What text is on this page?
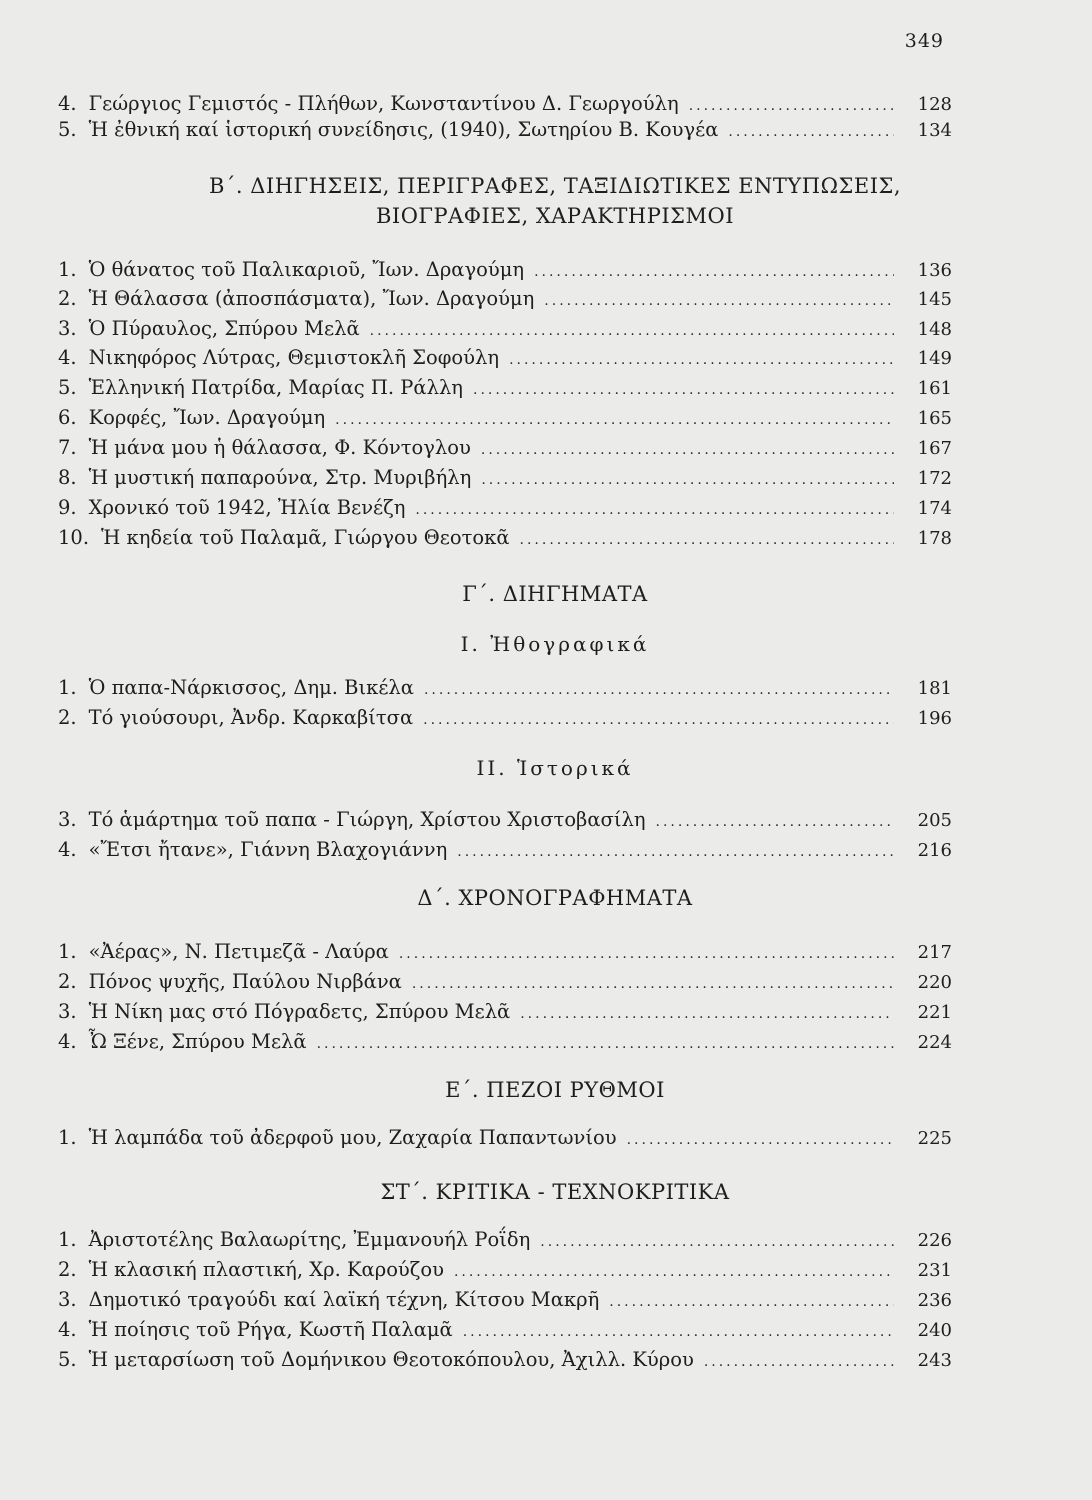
349
4. Γεώργιος Γεμιστός - Πλήθων, Κωνσταντίνου Δ. Γεωργούλη .....	128
5. Ἡ ἐθνική καί ἱστορική συνείδησις, (1940), Σωτηρίου Β. Κουγέα .....	134
Β΄. ΔΙΗΓΗΣΕΙΣ, ΠΕΡΙΓΡΑΦΕΣ, ΤΑΞΙΔΙΩΤΙΚΕΣ ΕΝΤΥΠΩΣΕΙΣ,
ΒΙΟΓΡΑΦΙΕΣ, ΧΑΡΑΚΤΗΡΙΣΜΟΙ
1. Ὁ θάνατος τοῦ Παλικαριοῦ, Ἴων. Δραγούμη .....	136
2. Ἡ Θάλασσα (ἀποσπάσματα), Ἴων. Δραγούμη .....	145
3. Ὁ Πύραυλος, Σπύρου Μελᾶ .....	148
4. Νικηφόρος Λύτρας, Θεμιστοκλῆ Σοφούλη .....	149
5. Ἑλληνική Πατρίδα, Μαρίας Π. Ράλλη .....	161
6. Κορφές, Ἴων. Δραγούμη .....	165
7. Ἡ μάνα μου ἡ θάλασσα, Φ. Κόντογλου .....	167
8. Ἡ μυστική παπαρούνα, Στρ. Μυριβήλη .....	172
9. Χρονικό τοῦ 1942, Ἠλία Βενέζη .....	174
10. Ἡ κηδεία τοῦ Παλαμᾶ, Γιώργου Θεοτοκᾶ .....	178
Γ΄. ΔΙΗΓΗΜΑΤΑ
Ι. Ἠθογραφικά
1. Ὁ παπα-Νάρκισσος, Δημ. Βικέλα .....	181
2. Τό γιούσουρι, Ἀνδρ. Καρκαβίτσα .....	196
ΙΙ. Ἱστορικά
3. Τό ἁμάρτημα τοῦ παπα - Γιώργη, Χρίστου Χριστοβασίλη .....	205
4. «Ἔτσι ἤτανε», Γιάννη Βλαχογιάννη .....	216
Δ΄. ΧΡΟΝΟΓΡΑΦΗΜΑΤΑ
1. «Ἀέρας», Ν. Πετιμεζᾶ - Λαύρα .....	217
2. Πόνος ψυχῆς, Παύλου Νιρβάνα .....	220
3. Ἡ Νίκη μας στό Πόγραδετς, Σπύρου Μελᾶ .....	221
4. Ὦ Ξένε, Σπύρου Μελᾶ .....	224
Ε΄. ΠΕΖΟΙ ΡΥΘΜΟΙ
1. Ἡ λαμπάδα τοῦ ἀδερφοῦ μου, Ζαχαρία Παπαντωνίου .....	225
ΣΤ΄. ΚΡΙΤΙΚΑ - ΤΕΧΝΟΚΡΙΤΙΚΑ
1. Ἀριστοτέλης Βαλαωρίτης, Ἐμμανουήλ Ροΐδη .....	226
2. Ἡ κλασική πλαστική, Χρ. Καρούζου .....	231
3. Δημοτικό τραγούδι καί λαϊκή τέχνη, Κίτσου Μακρῆ .....	236
4. Ἡ ποίησις τοῦ Ρήγα, Κωστῆ Παλαμᾶ .....	240
5. Ἡ μεταρσίωση τοῦ Δομήνικου Θεοτοκόπουλου, Ἀχιλλ. Κύρου .....	243
